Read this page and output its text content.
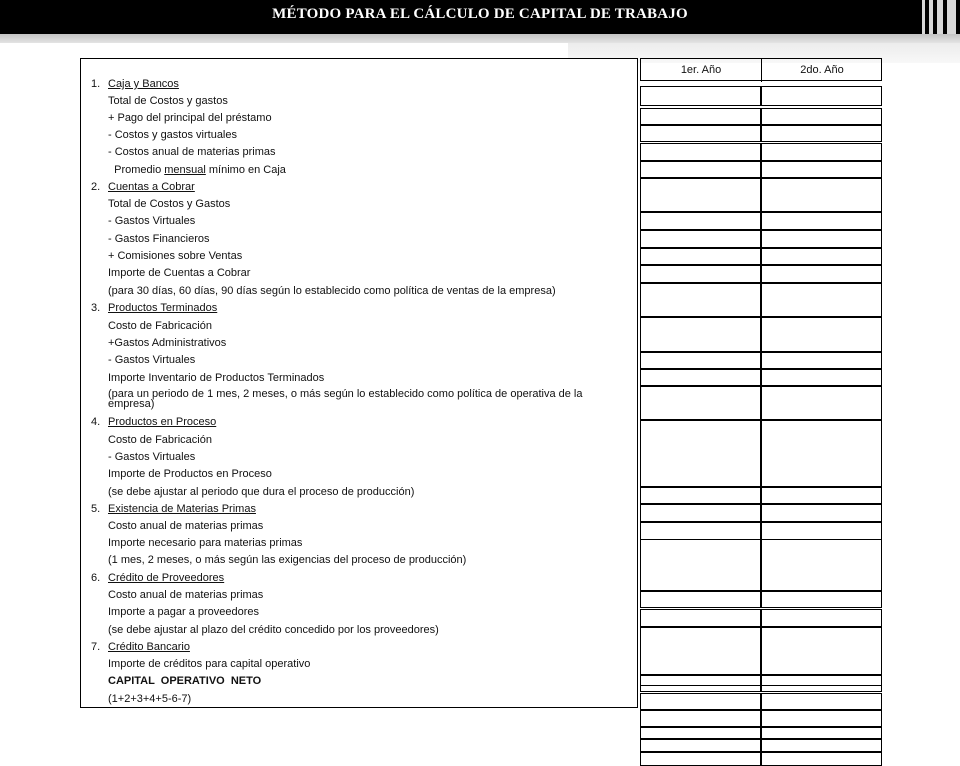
MÉTODO PARA EL CÁLCULO DE CAPITAL DE TRABAJO
1. Caja y Bancos
Total de Costos y gastos
+ Pago del principal del préstamo
- Costos y gastos virtuales
- Costos anual de materias primas
Promedio mensual mínimo en Caja
2. Cuentas a Cobrar
Total de Costos y Gastos
- Gastos Virtuales
- Gastos Financieros
+ Comisiones sobre Ventas
Importe de Cuentas a Cobrar
(para 30 días, 60 días, 90 días según lo establecido como política de ventas de la empresa)
3. Productos Terminados
Costo de Fabricación
+Gastos Administrativos
- Gastos Virtuales
Importe Inventario de Productos Terminados
(para un periodo de 1 mes, 2 meses, o más según lo establecido como política de operativa de la empresa)
4. Productos en Proceso
Costo de Fabricación
- Gastos Virtuales
Importe de Productos en Proceso
(se debe ajustar al periodo que dura el proceso de producción)
5. Existencia de Materias Primas
Costo anual de materias primas
Importe necesario para materias primas
(1 mes, 2 meses, o más según las exigencias del proceso de producción)
6. Crédito de Proveedores
Costo anual de materias primas
Importe a pagar a proveedores
(se debe ajustar al plazo del crédito concedido por los proveedores)
7. Crédito Bancario
Importe de créditos para capital operativo
CAPITAL  OPERATIVO  NETO
(1+2+3+4+5-6-7)
1er. Año	2do. Año
